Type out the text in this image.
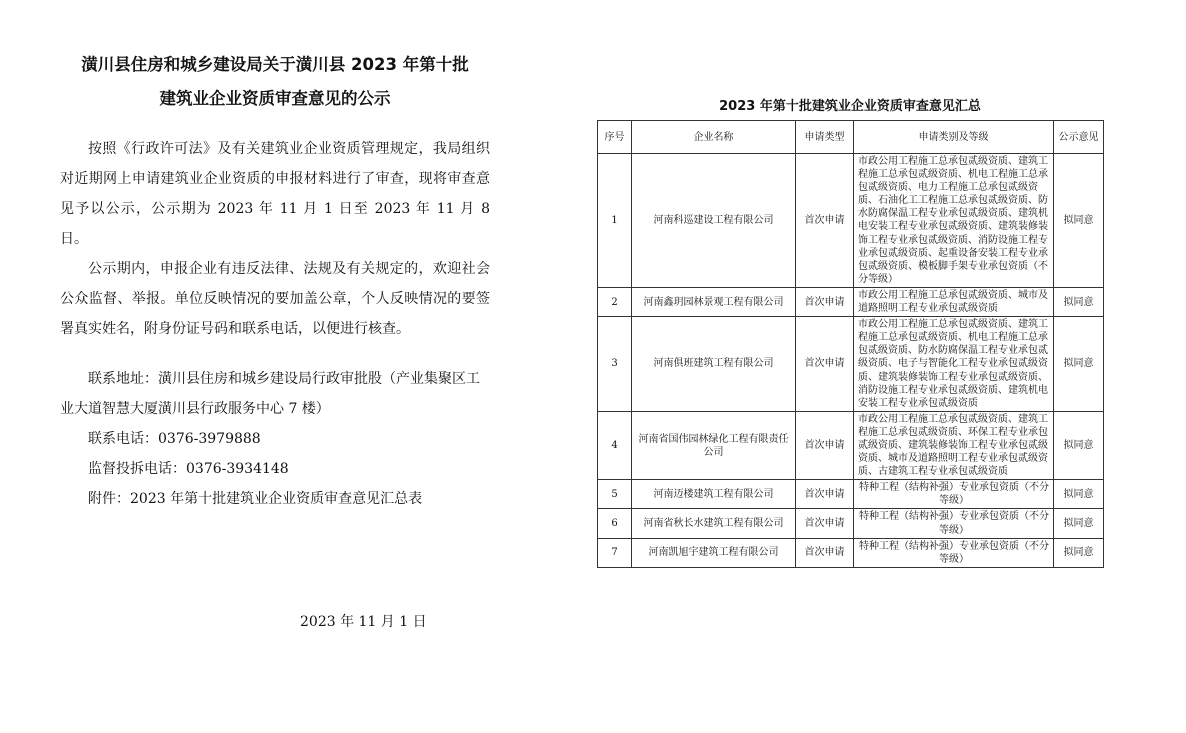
潢川县住房和城乡建设局关于潢川县 2023 年第十批
建筑业企业资质审查意见的公示

按照《行政许可法》及有关建筑业企业资质管理规定，我局组织对近期网上申请建筑业企业资质的申报材料进行了审查，现将审查意见予以公示，公示期为 2023 年 11 月 1 日至 2023 年 11 月 8 日。

公示期内，申报企业有违反法律、法规及有关规定的，欢迎社会公众监督、举报。单位反映情况的要加盖公章，个人反映情况的要签署真实姓名，附身份证号码和联系电话，以便进行核查。

联系地址：潢川县住房和城乡建设局行政审批股（产业集聚区工业大道智慧大厦潢川县行政服务中心 7 楼）

联系电话：0376-3979888

监督投拆电话：0376-3934148

附件：2023 年第十批建筑业企业资质审查意见汇总表

2023 年 11 月 1 日
2023 年第十批建筑业企业资质审查意见汇总
序号	企业名称	申请类型	申请类别及等级	公示意见
1	河南科巡建设工程有限公司	首次申请	市政公用工程施工总承包贰级资质、建筑工程施工总承包贰级资质、机电工程施工总承包贰级资质、电力工程施工总承包贰级资质、石油化工工程施工总承包贰级资质、防水防腐保温工程专业承包贰级资质、建筑机电安装工程专业承包贰级资质、建筑装修装饰工程专业承包贰级资质、消防设施工程专业承包贰级资质、起重设备安装工程专业承包贰级资质、模板脚手架专业承包资质（不分等级）	拟同意
2	河南鑫玥园林景观工程有限公司	首次申请	市政公用工程施工总承包贰级资质、城市及道路照明工程专业承包贰级资质	拟同意
3	河南俱班建筑工程有限公司	首次申请	市政公用工程施工总承包贰级资质、建筑工程施工总承包贰级资质、机电工程施工总承包贰级资质、防水防腐保温工程专业承包贰级资质、电子与智能化工程专业承包贰级资质、建筑装修装饰工程专业承包贰级资质、消防设施工程专业承包贰级资质、建筑机电安装工程专业承包贰级资质	拟同意
4	河南省国伟园林绿化工程有限责任公司	首次申请	市政公用工程施工总承包贰级资质、建筑工程施工总承包贰级资质、环保工程专业承包贰级资质、建筑装修装饰工程专业承包贰级资质、城市及道路照明工程专业承包贰级资质、古建筑工程专业承包贰级资质	拟同意
5	河南迈楼建筑工程有限公司	首次申请	特种工程（结构补强）专业承包资质（不分等级）	拟同意
6	河南省秋长水建筑工程有限公司	首次申请	特种工程（结构补强）专业承包资质（不分等级）	拟同意
7	河南凯旭宇建筑工程有限公司	首次申请	特种工程（结构补强）专业承包资质（不分等级）	拟同意
